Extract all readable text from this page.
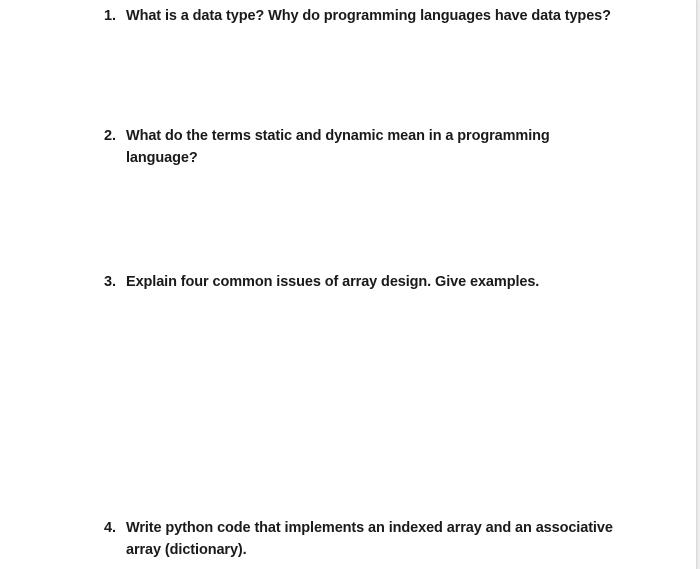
1. What is a data type? Why do programming languages have data types?
2. What do the terms static and dynamic mean in a programming language?
3. Explain four common issues of array design. Give examples.
4. Write python code that implements an indexed array and an associative array (dictionary).
